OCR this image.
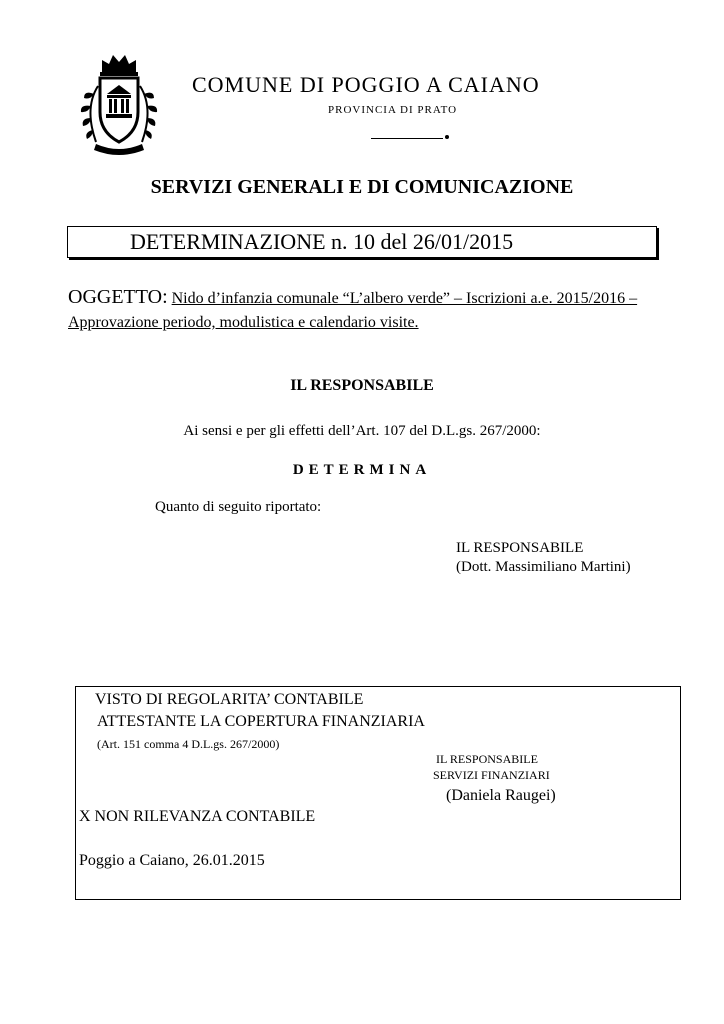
COMUNE DI POGGIO A CAIANO
PROVINCIA DI PRATO
SERVIZI GENERALI E DI COMUNICAZIONE
DETERMINAZIONE n. 10 del 26/01/2015
OGGETTO: Nido d’infanzia comunale “L’albero verde” – Iscrizioni a.e. 2015/2016 – Approvazione periodo, modulistica e calendario visite.
IL RESPONSABILE
Ai sensi e per gli effetti dell’Art. 107 del D.L.gs. 267/2000:
DETERMINA
Quanto di seguito riportato:
IL RESPONSABILE
(Dott. Massimiliano Martini)
VISTO DI REGOLARITA’ CONTABILE
ATTESTANTE LA COPERTURA FINANZIARIA
(Art. 151 comma 4 D.L.gs. 267/2000)
IL RESPONSABILE
SERVIZI FINANZIARI
(Daniela Raugei)
X NON RILEVANZA CONTABILE
Poggio a Caiano, 26.01.2015
